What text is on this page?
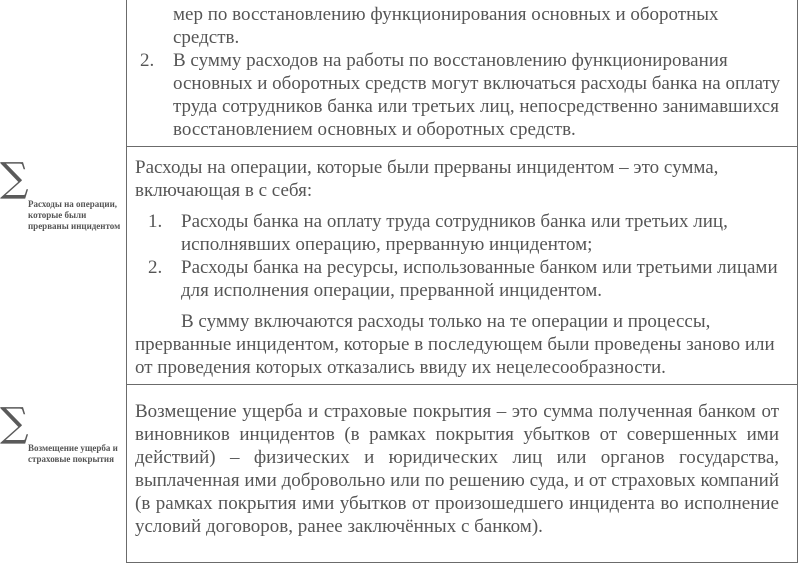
мер по восстановлению функционирования основных и оборотных средств.
2. В сумму расходов на работы по восстановлению функционирования основных и оборотных средств могут включаться расходы банка на оплату труда сотрудников банка или третьих лиц, непосредственно занимавшихся восстановлением основных и оборотных средств.
Расходы на операции, которые были прерваны инцидентом – это сумма, включающая в с себя:
1. Расходы банка на оплату труда сотрудников банка или третьих лиц, исполнявших операцию, прерванную инцидентом;
2. Расходы банка на ресурсы, использованные банком или третьими лицами для исполнения операции, прерванной инцидентом.
В сумму включаются расходы только на те операции и процессы, прерванные инцидентом, которые в последующем были проведены заново или от проведения которых отказались ввиду их нецелесообразности.
Возмещение ущерба и страховые покрытия – это сумма полученная банком от виновников инцидентов (в рамках покрытия убытков от совершенных ими действий) – физических и юридических лиц или органов государства, выплаченная ими добровольно или по решению суда, и от страховых компаний (в рамках покрытия ими убытков от произошедшего инцидента во исполнение условий договоров, ранее заключённых с банком).
∑
Расходы на операции, которые были прерваны инцидентом
∑
Возмещение ущерба и страховые покрытия
